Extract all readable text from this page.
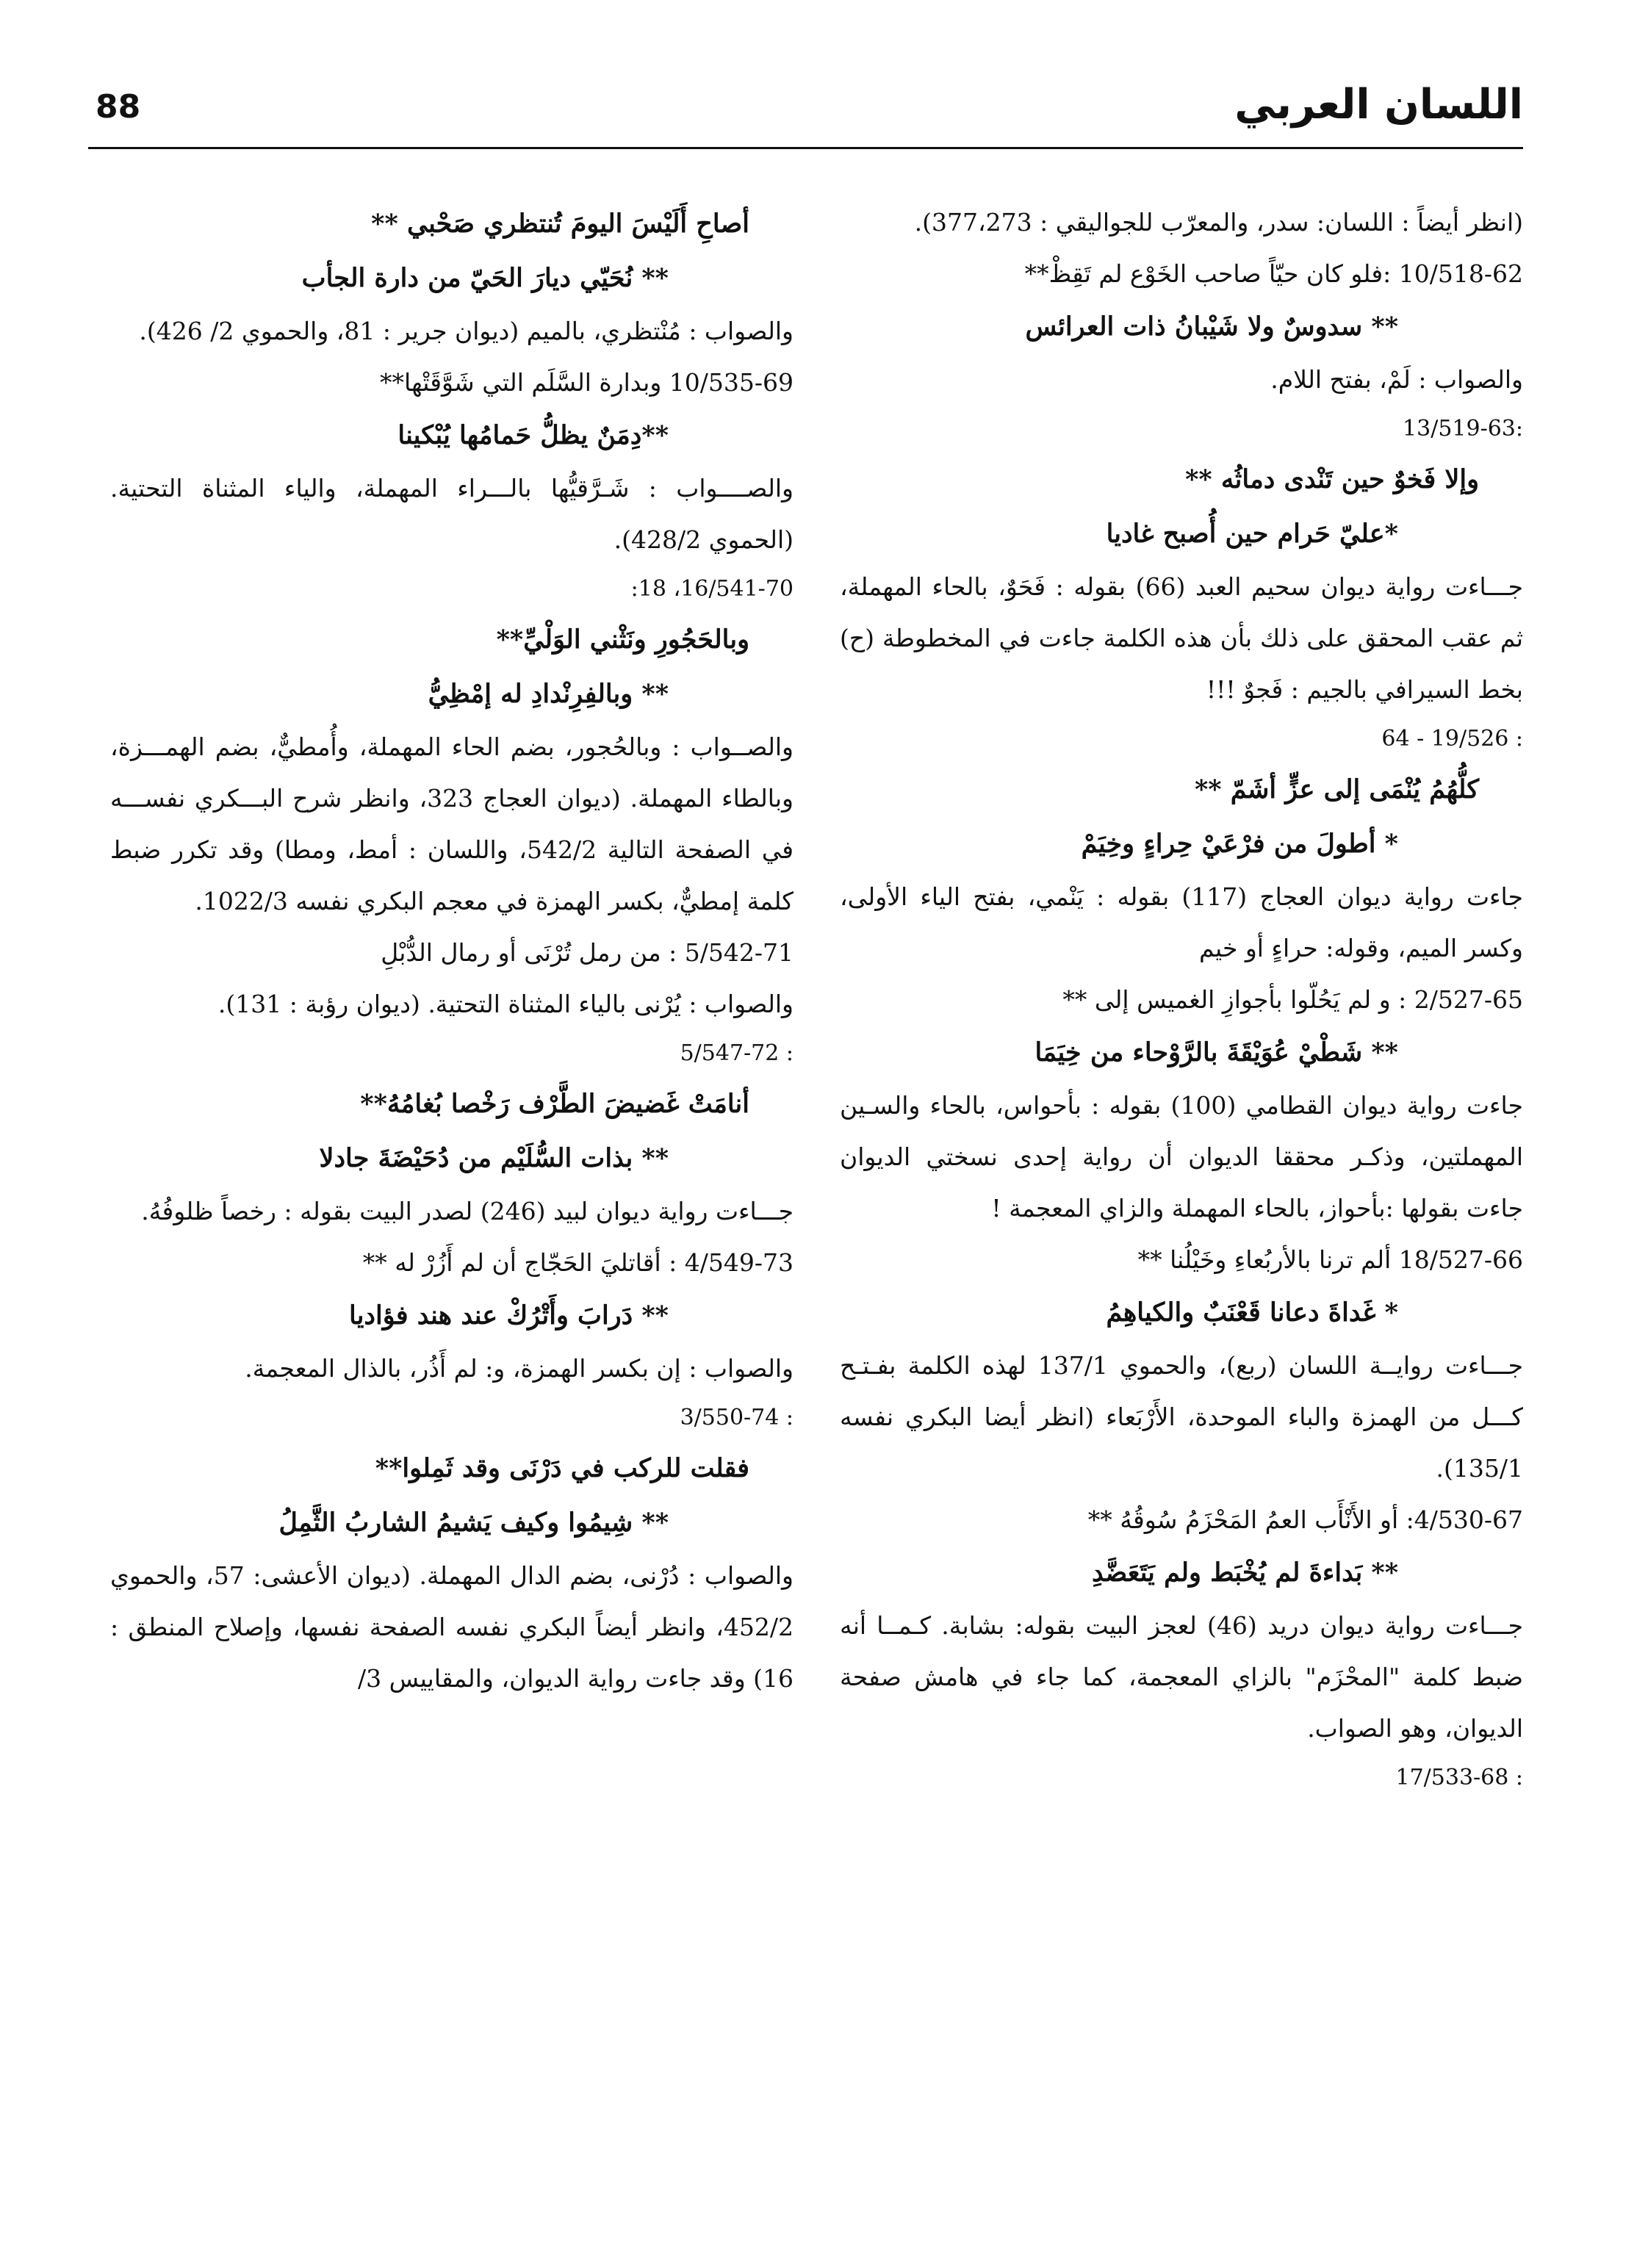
88	اللسان العربي
(انظر أيضاً : اللسان: سدر، والمعرّب للجواليقي : 377،273).
10/518-62 :فلو كان حيّاً صاحب الخَوْع لم تَقِظْ**
** سدوسٌ ولا شَيْبانُ ذات العرائس
والصواب : لَمْ، بفتح اللام.
:13/519-63
وإلا فَخوٌ حين تَنْدى دماثُه **
*عليّ حَرام حين أُصبح غاديا
جـــاءت رواية ديوان سحيم العبد (66) بقوله : فَحَوٌ، بالحاء المهملة، ثم عقب المحقق على ذلك بأن هذه الكلمة جاءت في المخطوطة (ح) بخط السيرافي بالجيم : فَجوٌ !!!
: 19/526 - 64
كلُّهُمُ يُنْمَى إلى عزٍّ أشَمّ **
* أطولَ من فرْعَيْ حِراءٍ وخِيَمْ
جاءت رواية ديوان العجاج (117) بقوله : يَنْمي، بفتح الياء الأولى، وكسر الميم، وقوله: حراءٍ أو خيم
2/527-65 : و لم يَحُلّوا بأجوازِ الغميس إلى **
** شَطْيْ عُوَيْقَةَ بالرَّوْحاء من خِيَمَا
جاءت رواية ديوان القطامي (100) بقوله : بأحواس، بالحاء والسـين المهملتين، وذكـر محققا الديوان أن رواية إحدى نسختي الديوان جاءت بقولها :بأحواز، بالحاء المهملة والزاي المعجمة !
18/527-66 ألم ترنا بالأربُعاءِ وخَيْلُنا **
* غَداةَ دعانا قَعْنَبٌ والكياهِمُ
جـــاءت روايــة اللسان (ربع)، والحموي 137/1 لهذه الكلمة بفـتـح كـــل من الهمزة والباء الموحدة، الأَرْبَعاء (انظر أيضا البكري نفسه 135/1).
4/530-67: أو الأَنْأَب العمُ المَحْزَمُ سُوقُهُ **
** بَداءةَ لم يُخْبَط ولم يَتَعَضَّدِ
جـــاءت رواية ديوان دريد (46) لعجز البيت بقوله: بشابة. كـمــا أنه ضبط كلمة "المحْزَم" بالزاي المعجمة، كما جاء في هامش صفحة الديوان، وهو الصواب.
: 17/533-68
أصاحِ أَلَيْسَ اليومَ تُنتظري صَحْبي **
** نُحَيّي ديارَ الحَيّ من دارة الجأب
والصواب : مُنْتظري، بالميم (ديوان جرير : 81، والحموي 2/ 426).
10/535-69 وبدارة السَّلَم التي شَوَّقَتْها**
**دِمَنٌ يظلُّ حَمامُها يُبْكينا
والصــــواب : شَـرَّقيُّها بالـــراء المهملة، والياء المثناة التحتية. (الحموي 428/2).
16/541-70، 18:
وبالحَجُورِ ونَثْني الوَلْيِّ**
** وبالفِرِنْدادِ له إمْظِيُّ
والصــواب : وبالحُجور، بضم الحاء المهملة، وأُمطيٌّ، بضم الهمـــزة، وبالطاء المهملة. (ديوان العجاج 323، وانظر شرح البـــكري نفســـه في الصفحة التالية 542/2، واللسان : أمط، ومطا) وقد تكرر ضبط كلمة إمطيٌّ، بكسر الهمزة في معجم البكري نفسه 1022/3.
5/542-71 : من رمل تُرْنَى أو رمال الدُّبْلِ
والصواب : يُرْنى بالياء المثناة التحتية. (ديوان رؤبة : 131).
: 5/547-72
أنامَتْ غَضيضَ الطَّرْف رَخْصا بُغامُهُ**
** بذات السُّلَيْم من دُحَيْضَةَ جادلا
جـــاءت رواية ديوان لبيد (246) لصدر البيت بقوله : رخصاً ظلوفُهُ.
4/549-73 : أقاتليَ الحَجّاج أن لم أَزُرْ له **
** دَرابَ وأَتْرُكْ عند هند فؤاديا
والصواب : إن بكسر الهمزة، و: لم أَذُر، بالذال المعجمة.
: 3/550-74
فقلت للركب في دَرْنَى وقد ثَمِلوا**
** شِيمُوا وكيف يَشيمُ الشاربُ الثَّمِلُ
والصواب : دُرْنى، بضم الدال المهملة. (ديوان الأعشى: 57، والحموي 452/2، وانظر أيضاً البكري نفسه الصفحة نفسها، وإصلاح المنطق : 16) وقد جاءت رواية الديوان، والمقاييس 3/
